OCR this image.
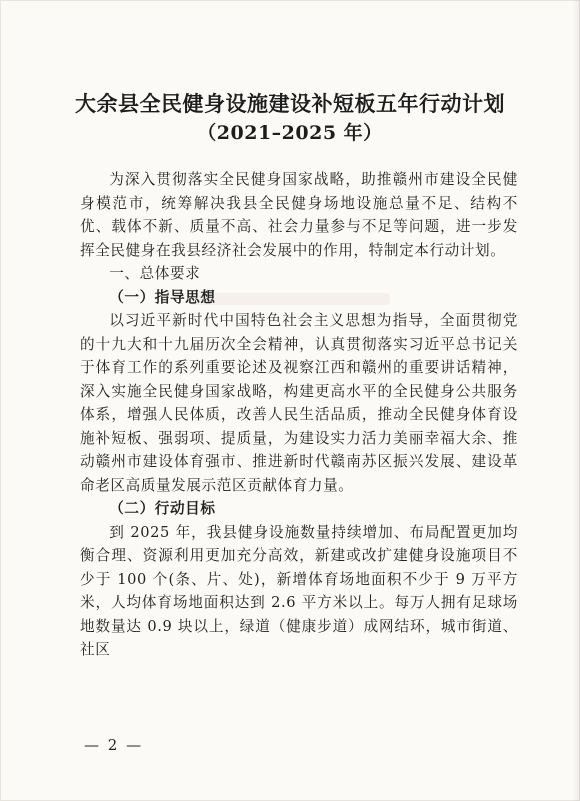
大余县全民健身设施建设补短板五年行动计划
（2021–2025 年）

为深入贯彻落实全民健身国家战略，助推赣州市建设全民健身模范市，统筹解决我县全民健身场地设施总量不足、结构不优、载体不新、质量不高、社会力量参与不足等问题，进一步发挥全民健身在我县经济社会发展中的作用，特制定本行动计划。

一、总体要求

（一）指导思想

以习近平新时代中国特色社会主义思想为指导，全面贯彻党的十九大和十九届历次全会精神，认真贯彻落实习近平总书记关于体育工作的系列重要论述及视察江西和赣州的重要讲话精神，深入实施全民健身国家战略，构建更高水平的全民健身公共服务体系，增强人民体质，改善人民生活品质，推动全民健身体育设施补短板、强弱项、提质量，为建设实力活力美丽幸福大余、推动赣州市建设体育强市、推进新时代赣南苏区振兴发展、建设革命老区高质量发展示范区贡献体育力量。

（二）行动目标

到 2025 年，我县健身设施数量持续增加、布局配置更加均衡合理、资源利用更加充分高效，新建或改扩建健身设施项目不少于 100 个(条、片、处)，新增体育场地面积不少于 9 万平方米，人均体育场地面积达到 2.6 平方米以上。每万人拥有足球场地数量达 0.9 块以上，绿道（健康步道）成网结环，城市街道、社区

— 2 —
